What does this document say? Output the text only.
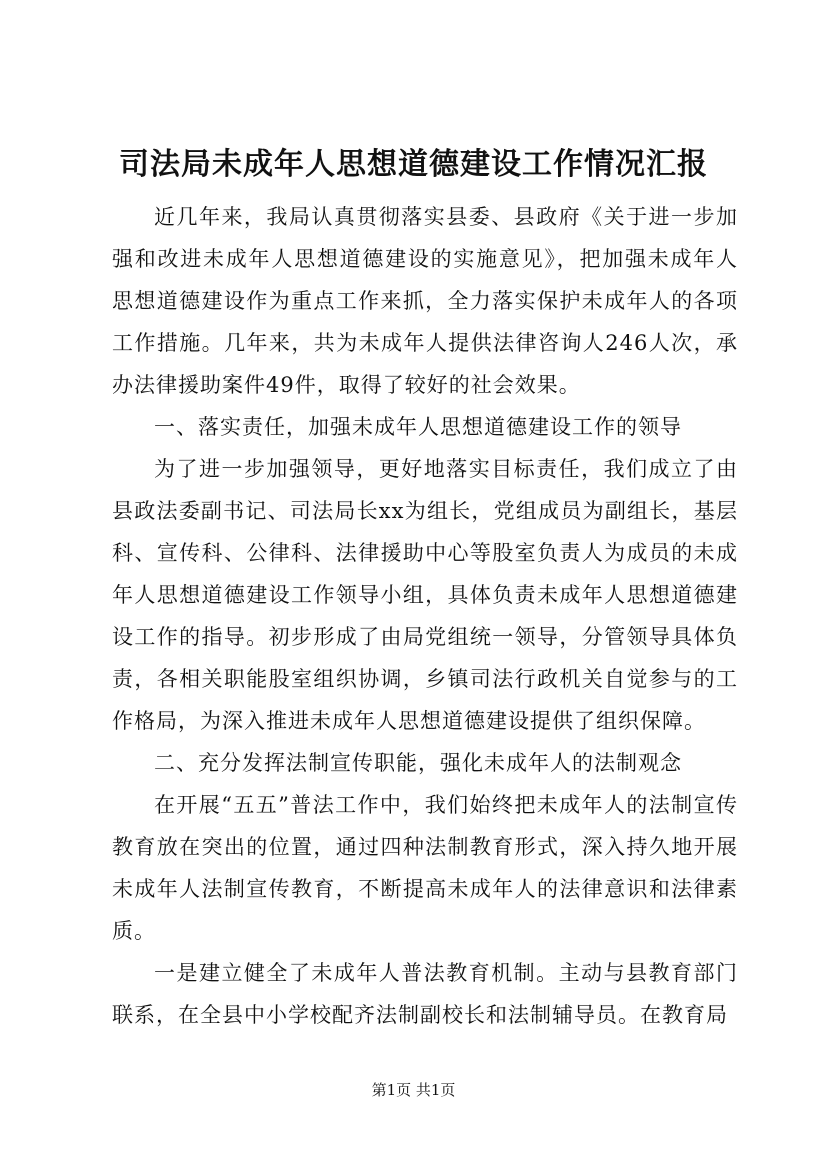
司法局未成年人思想道德建设工作情况汇报

近几年来，我局认真贯彻落实县委、县政府《关于进一步加强和改进未成年人思想道德建设的实施意见》，把加强未成年人思想道德建设作为重点工作来抓，全力落实保护未成年人的各项工作措施。几年来，共为未成年人提供法律咨询人246人次，承办法律援助案件49件，取得了较好的社会效果。

一、落实责任，加强未成年人思想道德建设工作的领导

为了进一步加强领导，更好地落实目标责任，我们成立了由县政法委副书记、司法局长xx为组长，党组成员为副组长，基层科、宣传科、公律科、法律援助中心等股室负责人为成员的未成年人思想道德建设工作领导小组，具体负责未成年人思想道德建设工作的指导。初步形成了由局党组统一领导，分管领导具体负责，各相关职能股室组织协调，乡镇司法行政机关自觉参与的工作格局，为深入推进未成年人思想道德建设提供了组织保障。

二、充分发挥法制宣传职能，强化未成年人的法制观念

在开展“五五”普法工作中，我们始终把未成年人的法制宣传教育放在突出的位置，通过四种法制教育形式，深入持久地开展未成年人法制宣传教育，不断提高未成年人的法律意识和法律素质。

一是建立健全了未成年人普法教育机制。主动与县教育部门联系，在全县中小学校配齐法制副校长和法制辅导员。在教育局

第1页 共1页
